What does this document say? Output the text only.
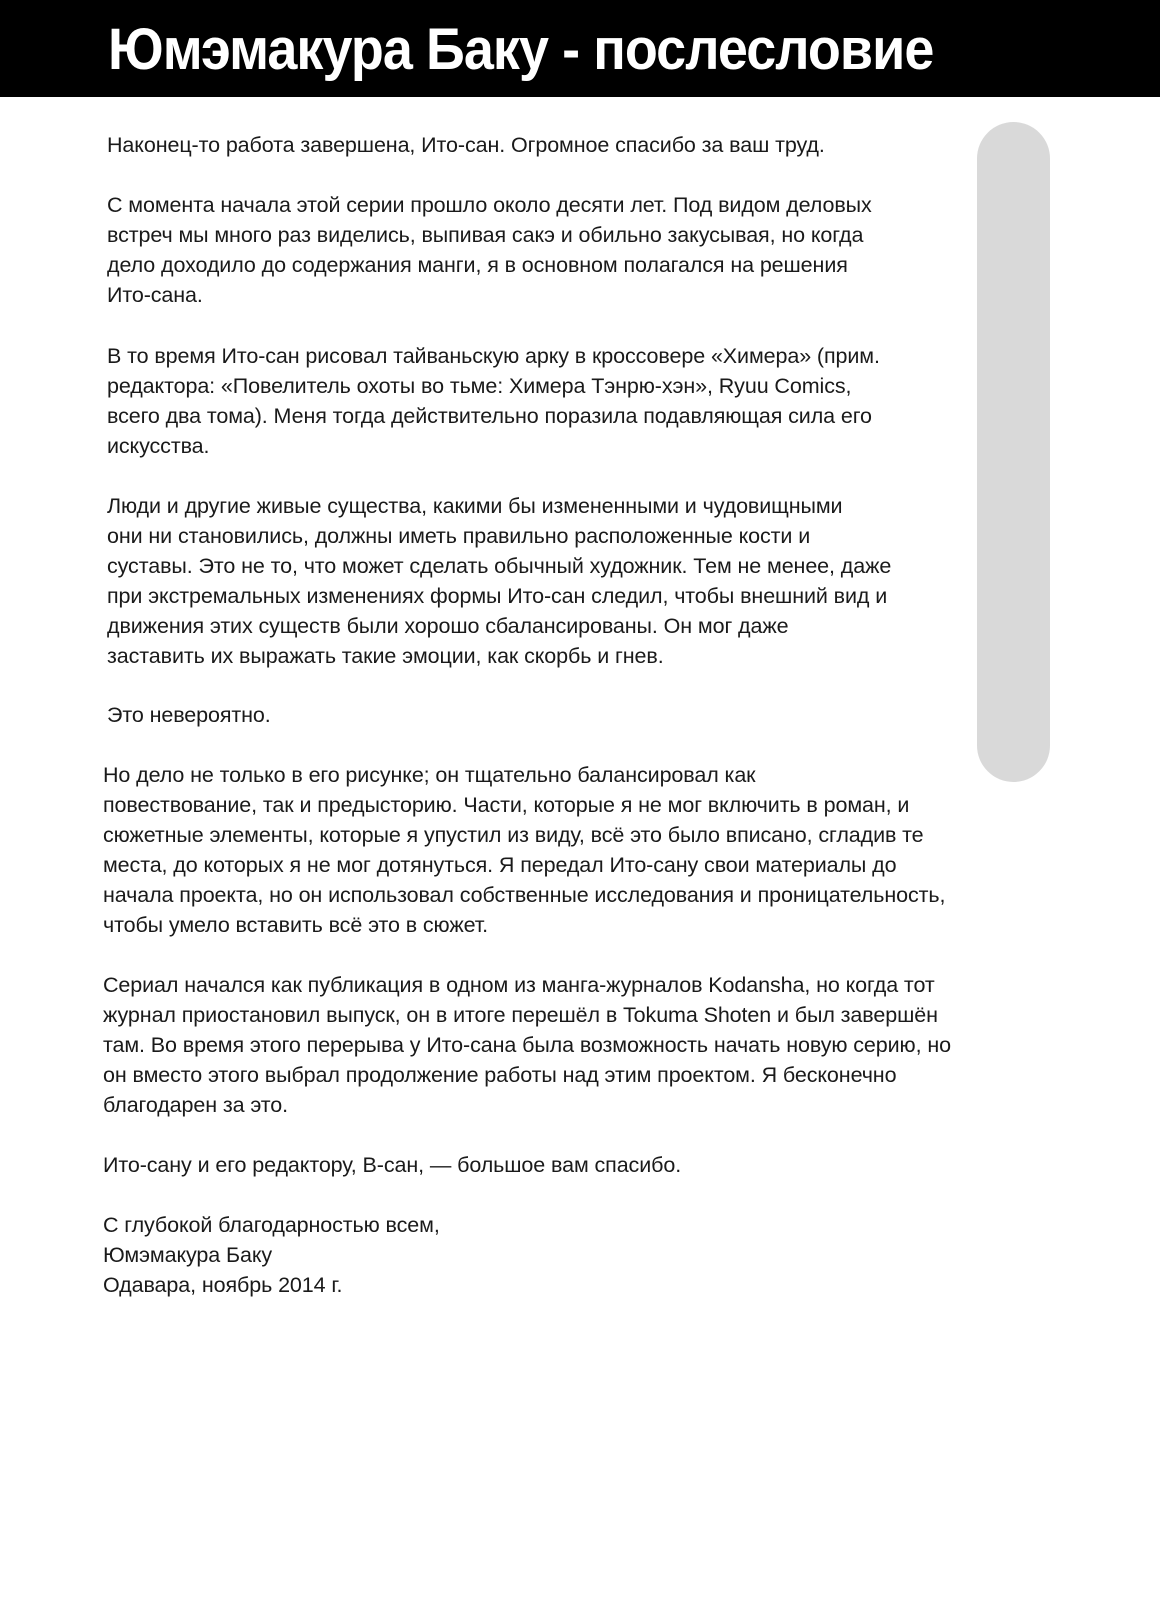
Юмэмакура Баку - послесловие

Наконец-то работа завершена, Ито-сан. Огромное спасибо за ваш труд.

С момента начала этой серии прошло около десяти лет. Под видом деловых
встреч мы много раз виделись, выпивая сакэ и обильно закусывая, но когда
дело доходило до содержания манги, я в основном полагался на решения
Ито-сана.

В то время Ито-сан рисовал тайваньскую арку в кроссовере «Химера» (прим.
редактора: «Повелитель охоты во тьме: Химера Тэнрю-хэн», Ryuu Comics,
всего два тома). Меня тогда действительно поразила подавляющая сила его
искусства.

Люди и другие живые существа, какими бы измененными и чудовищными
они ни становились, должны иметь правильно расположенные кости и
суставы. Это не то, что может сделать обычный художник. Тем не менее, даже
при экстремальных изменениях формы Ито-сан следил, чтобы внешний вид и
движения этих существ были хорошо сбалансированы. Он мог даже
заставить их выражать такие эмоции, как скорбь и гнев.

Это невероятно.

Но дело не только в его рисунке; он тщательно балансировал как
повествование, так и предысторию. Части, которые я не мог включить в роман, и
сюжетные элементы, которые я упустил из виду, всё это было вписано, сгладив те
места, до которых я не мог дотянуться. Я передал Ито-сану свои материалы до
начала проекта, но он использовал собственные исследования и проницательность,
чтобы умело вставить всё это в сюжет.

Сериал начался как публикация в одном из манга-журналов Kodansha, но когда тот
журнал приостановил выпуск, он в итоге перешёл в Tokuma Shoten и был завершён
там. Во время этого перерыва у Ито-сана была возможность начать новую серию, но
он вместо этого выбрал продолжение работы над этим проектом. Я бесконечно
благодарен за это.

Ито-сану и его редактору, В-сан, — большое вам спасибо.

С глубокой благодарностью всем,

Юмэмакура Баку

Одавара, ноябрь 2014 г.
